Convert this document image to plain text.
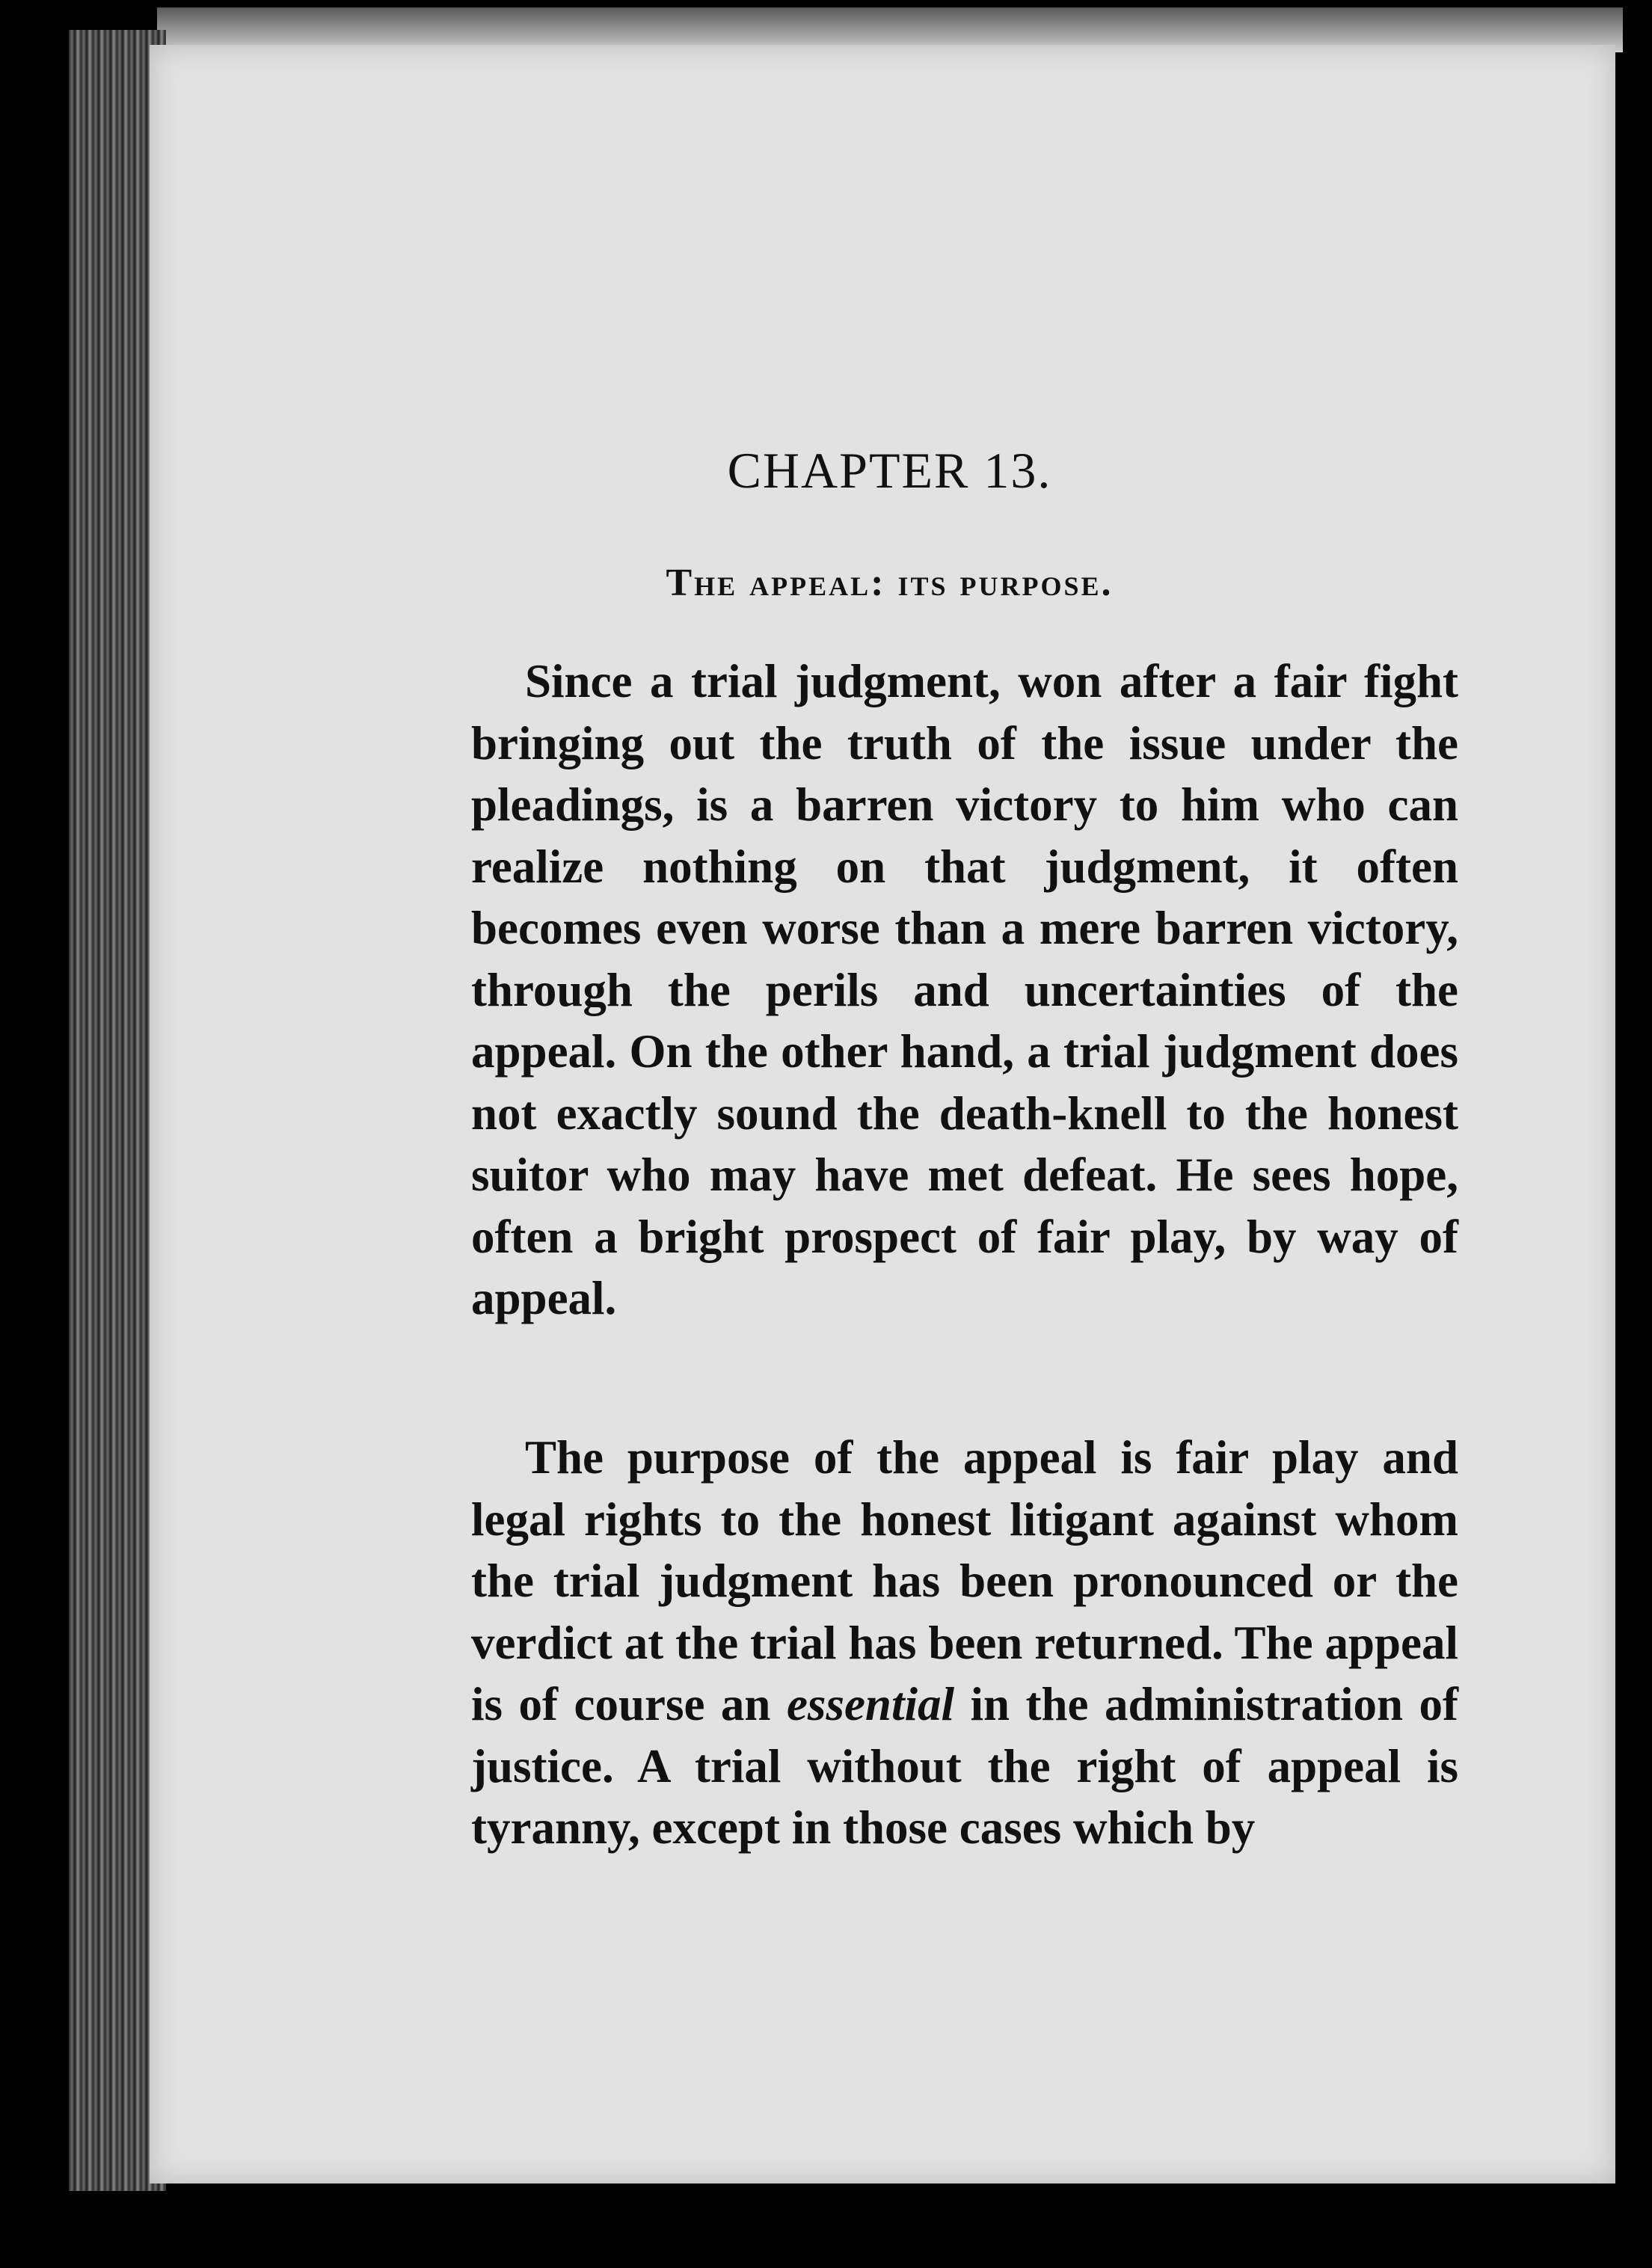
CHAPTER 13.
The appeal: its purpose.

Since a trial judgment, won after a fair fight bringing out the truth of the issue under the pleadings, is a barren victory to him who can realize nothing on that judgment, it often becomes even worse than a mere barren victory, through the perils and uncertainties of the appeal. On the other hand, a trial judgment does not exactly sound the death-knell to the honest suitor who may have met defeat. He sees hope, often a bright prospect of fair play, by way of appeal.

The purpose of the appeal is fair play and legal rights to the honest litigant against whom the trial judgment has been pronounced or the verdict at the trial has been returned. The appeal is of course an essential in the administration of justice. A trial without the right of appeal is tyranny, except in those cases which by
